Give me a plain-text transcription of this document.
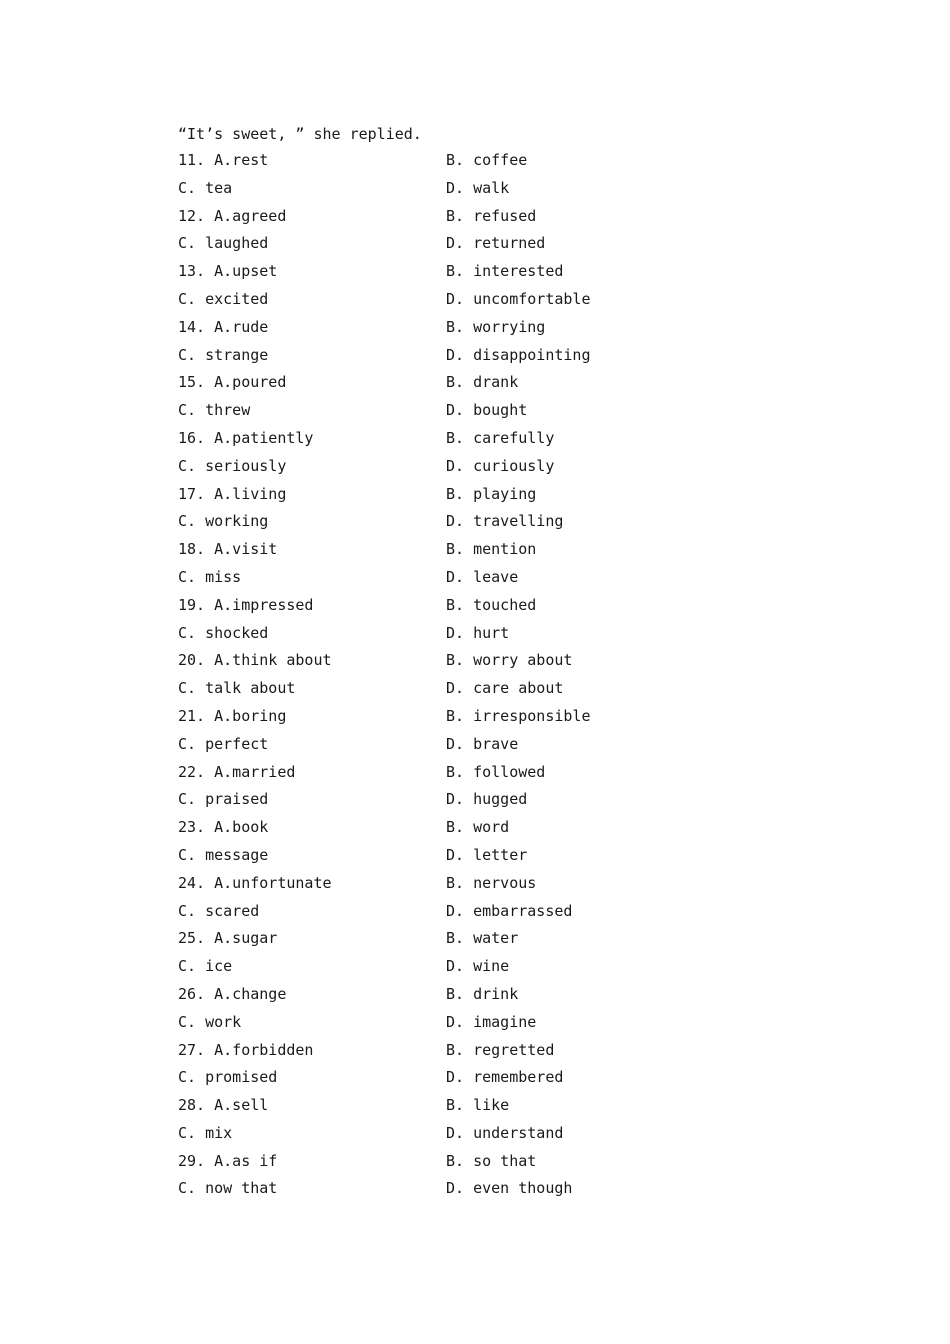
“It’s sweet, ” she replied.
11. A.rest	B. coffee
C. tea	D. walk
12. A.agreed	B. refused
C. laughed	D. returned
13. A.upset	B. interested
C. excited	D. uncomfortable
14. A.rude	B. worrying
C. strange	D. disappointing
15. A.poured	B. drank
C. threw	D. bought
16. A.patiently	B. carefully
C. seriously	D. curiously
17. A.living	B. playing
C. working	D. travelling
18. A.visit	B. mention
C. miss	D. leave
19. A.impressed	B. touched
C. shocked	D. hurt
20. A.think about	B. worry about
C. talk about	D. care about
21. A.boring	B. irresponsible
C. perfect	D. brave
22. A.married	B. followed
C. praised	D. hugged
23. A.book	B. word
C. message	D. letter
24. A.unfortunate	B. nervous
C. scared	D. embarrassed
25. A.sugar	B. water
C. ice	D. wine
26. A.change	B. drink
C. work	D. imagine
27. A.forbidden	B. regretted
C. promised	D. remembered
28. A.sell	B. like
C. mix	D. understand
29. A.as if	B. so that
C. now that	D. even though
